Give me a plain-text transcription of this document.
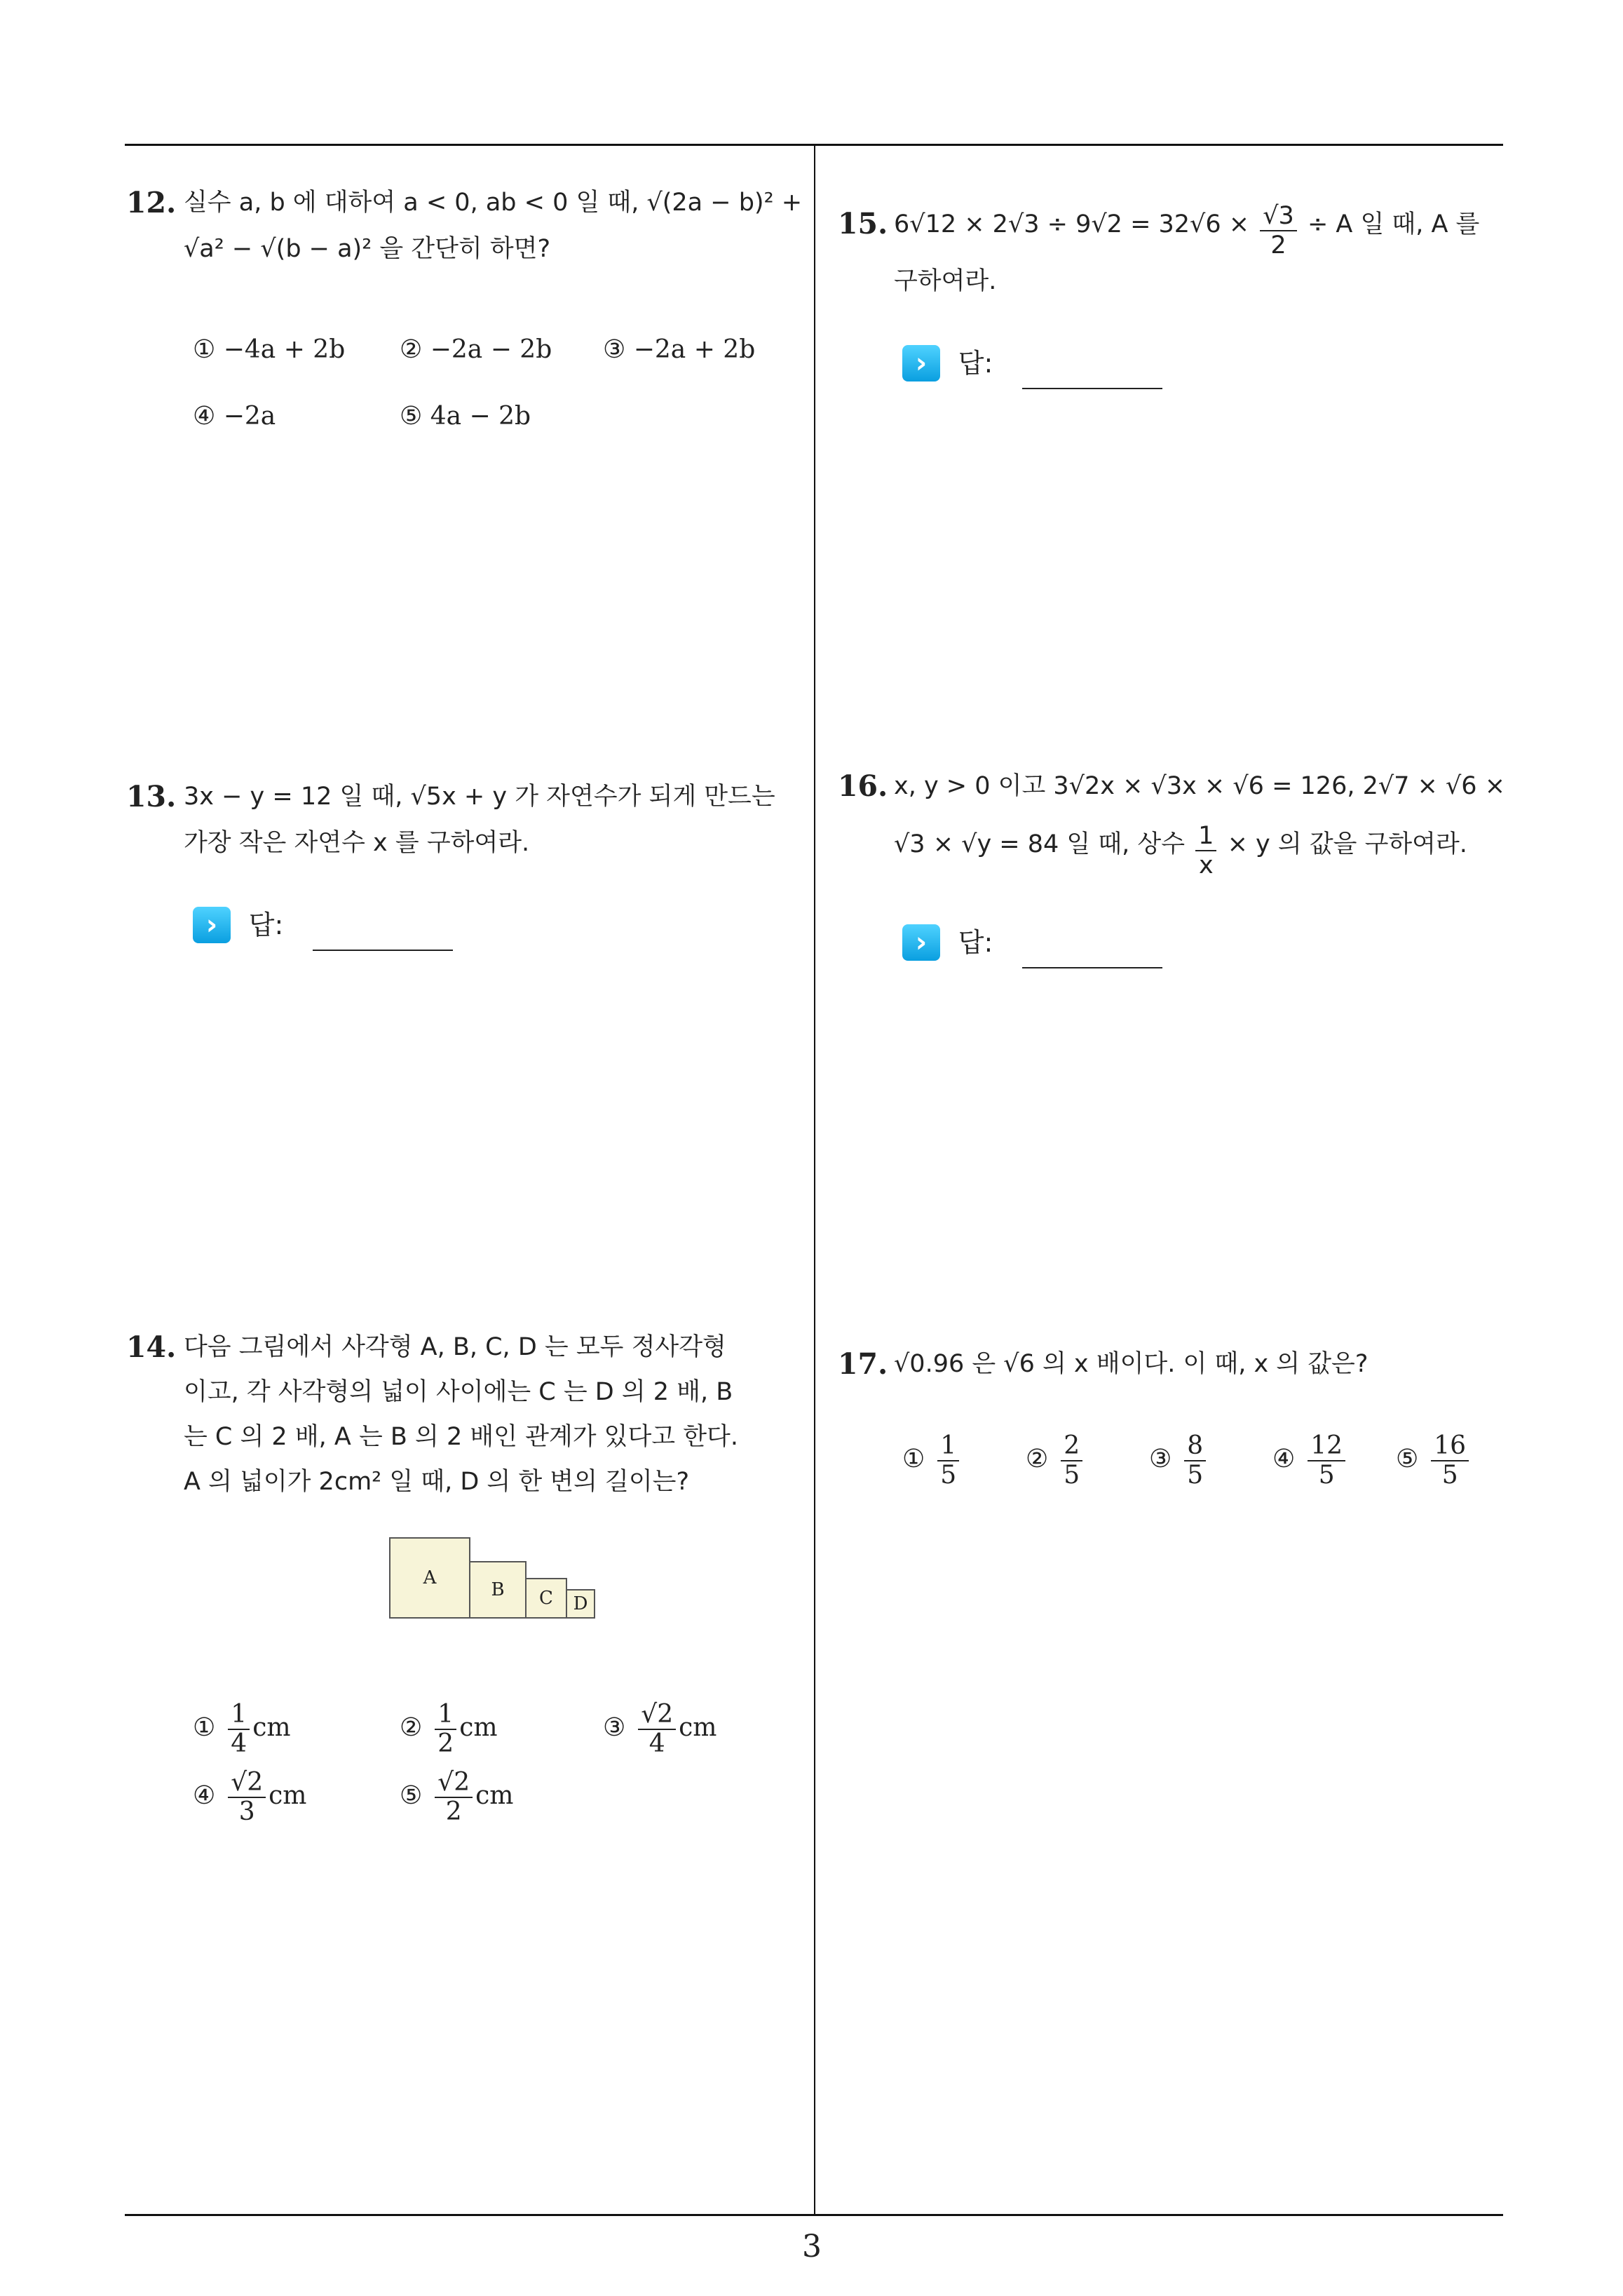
12. 실수 a, b 에 대하여 a < 0, ab < 0 일 때, √(2a − b)² +
√a² − √(b − a)² 을 간단히 하면?
① −4a + 2b ② −2a − 2b ③ −2a + 2b
④ −2a	⑤ 4a − 2b
13. 3x − y = 12 일 때, √5x + y 가 자연수가 되게 만드는
가장 작은 자연수 x 를 구하여라.
›	답:
14. 다음 그림에서 사각형 A, B, C, D 는 모두 정사각형
이고, 각 사각형의 넓이 사이에는 C 는 D 의 2 배, B
는 C 의 2 배, A 는 B 의 2 배인 관계가 있다고 한다.
A 의 넓이가 2cm² 일 때, D 의 한 변의 길이는?
A
B	C	D
① $\frac{1}{4}$ cm	② $\frac{1}{2}$ cm	③ $\frac{√2}{4}$ cm
④ $\frac{√2}{3}$ cm	⑤ $\frac{√2}{2}$ cm
15. $6√12 \times 2√3 \div 9√2 = 32√6 \times \frac{√3}{2} \div A$ 일 때, A 를
구하여라.
›	답:
16. x, y > 0 이고 3√2x × √3x × √6 = 126, 2√7 × √6 ×
√3 × √y = 84 일 때, 상수 $\frac{1}{x} \times y$ 의 값을 구하여라.
›	답:
17. √0.96 은 √6 의 x 배이다. 이 때, x 의 값은?
① $\frac{1}{5}$	② $\frac{2}{5}$	③ $\frac{8}{5}$	④ $\frac{12}{5}$ ⑤ $\frac{16}{5}$
3
